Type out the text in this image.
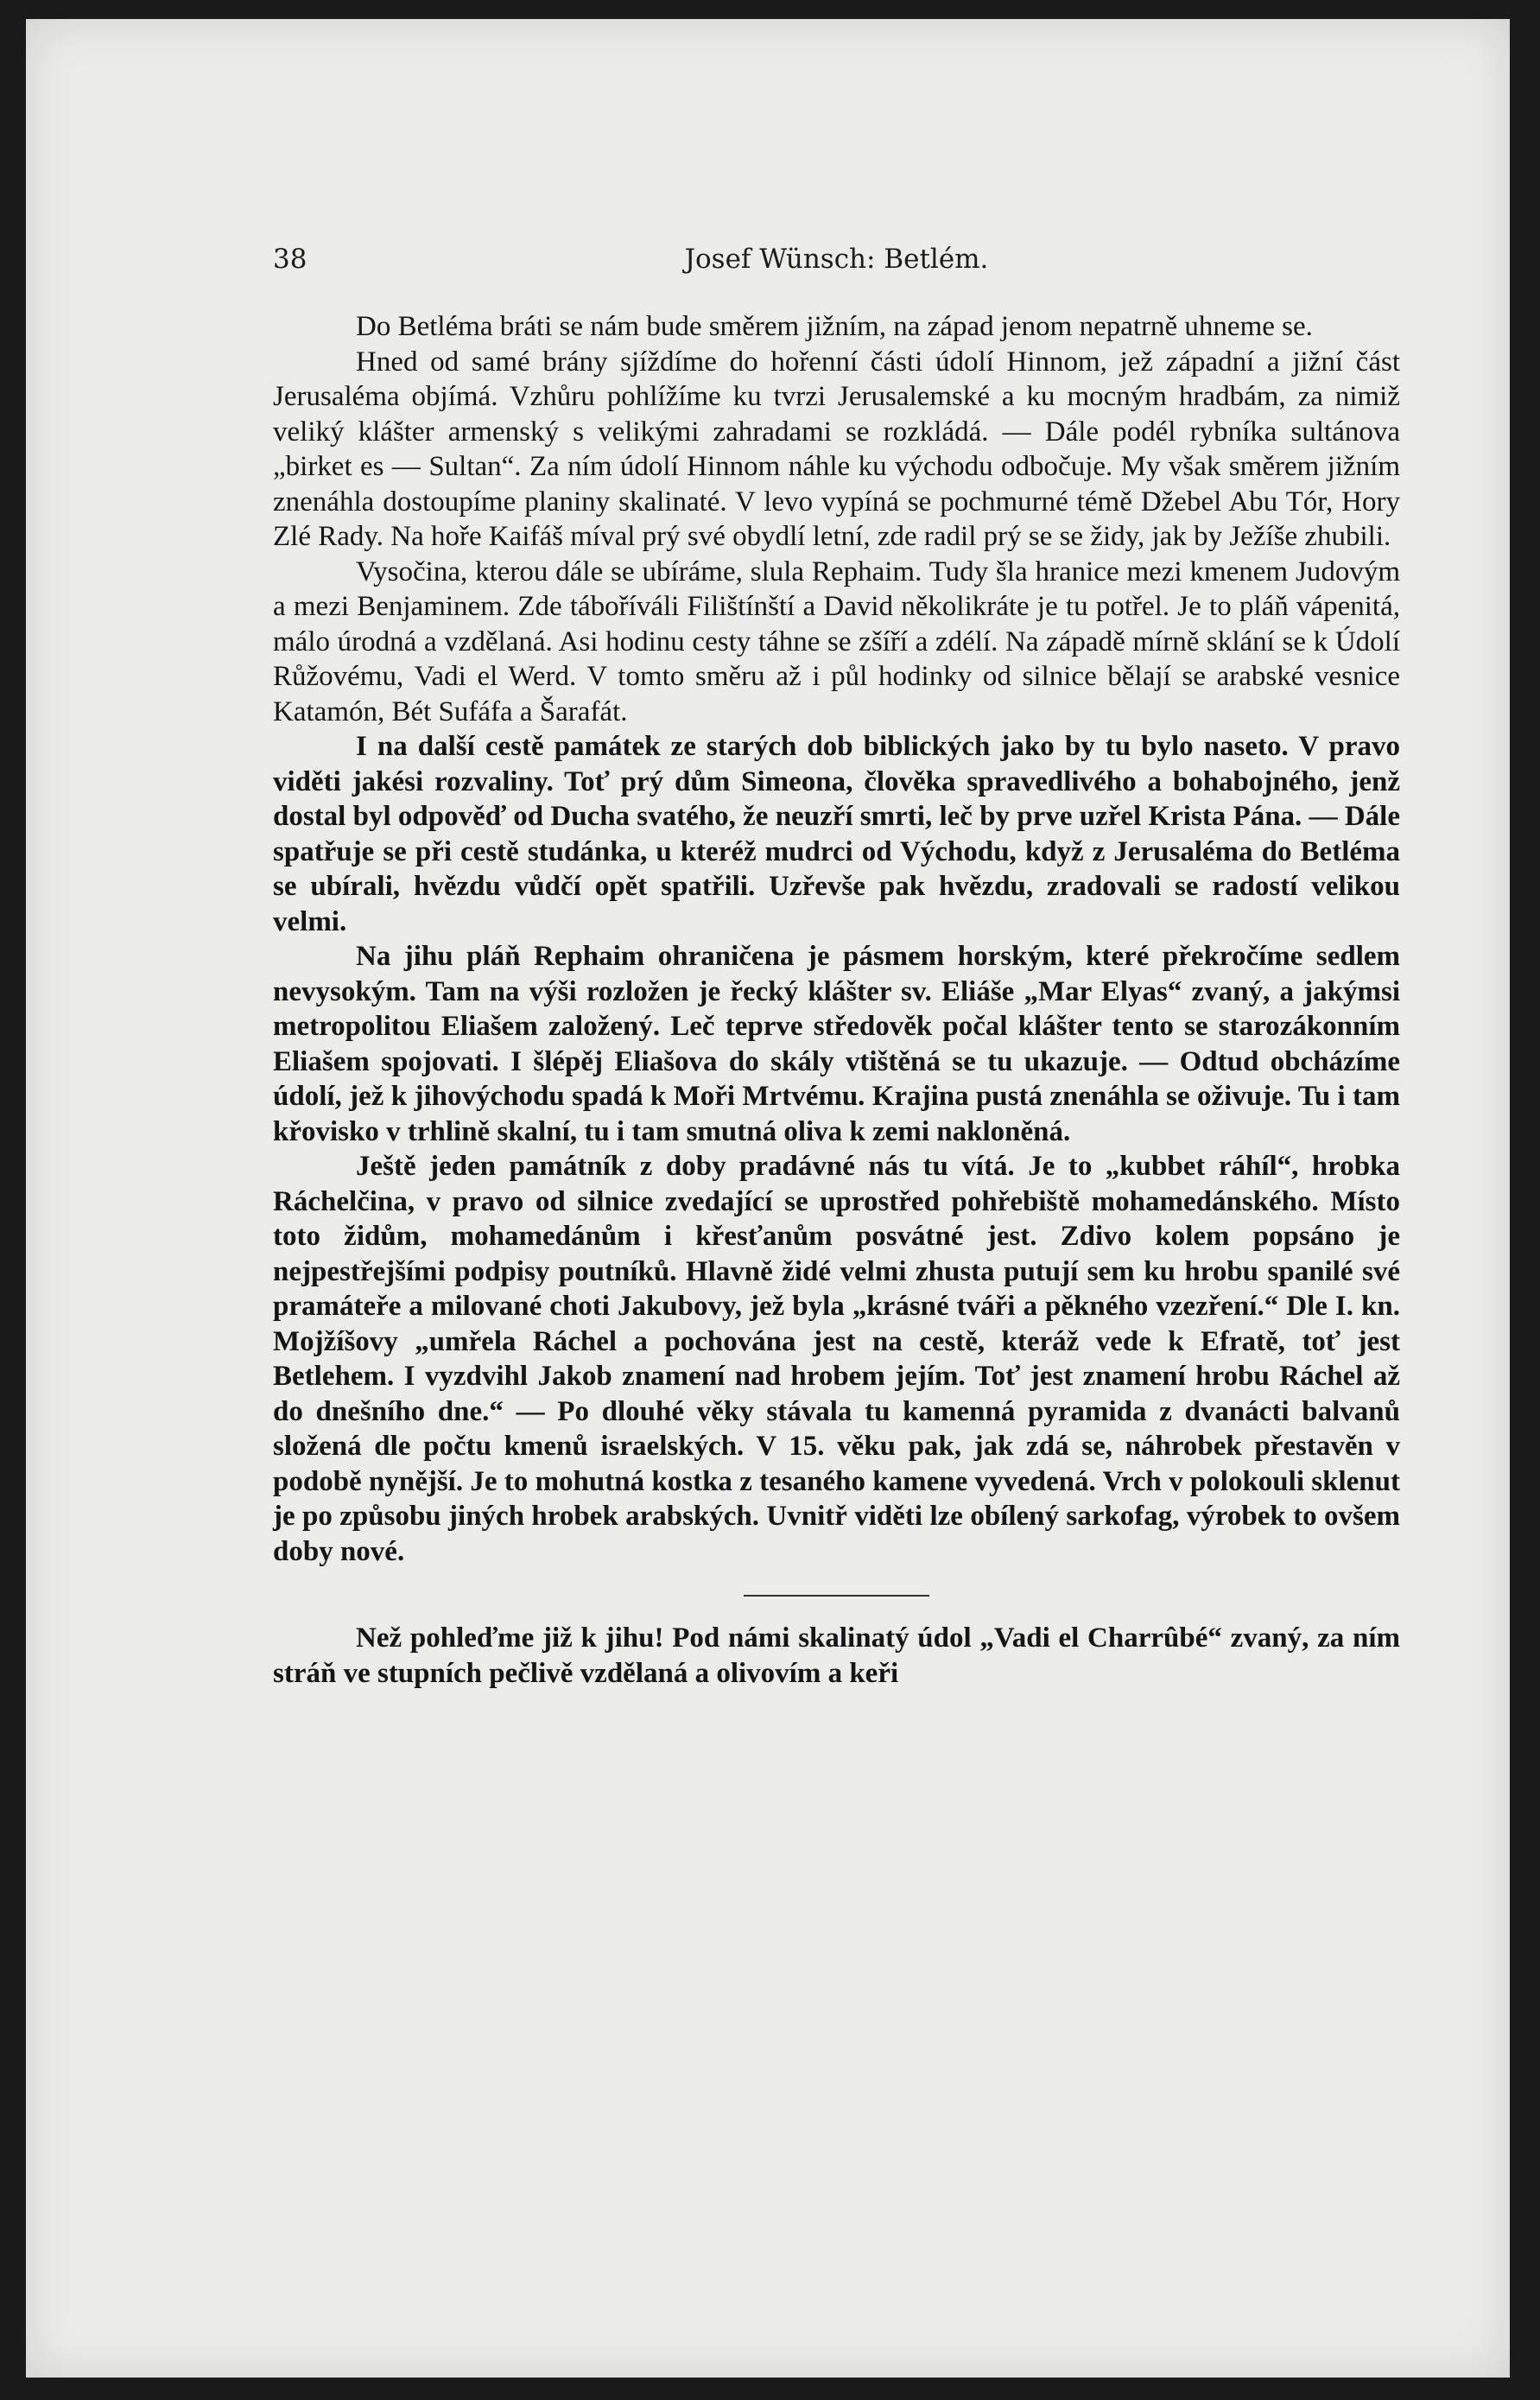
38	Josef Wünsch: Betlém.

Do Betléma bráti se nám bude směrem jižním, na západ jenom nepatrně uhneme se.

Hned od samé brány sjíždíme do hořenní části údolí Hinnom, jež západní a jižní část Jerusaléma objímá. Vzhůru pohlížíme ku tvrzi Jerusalemské a ku mocným hradbám, za nimiž veliký klášter armenský s velikými zahradami se rozkládá. — Dále podél rybníka sultánova „birket es — Sultan“. Za ním údolí Hinnom náhle ku východu odbočuje. My však směrem jižním znenáhla dostoupíme planiny skalinaté. V levo vypíná se pochmurné témě Džebel Abu Tór, Hory Zlé Rady. Na hoře Kaifáš míval prý své obydlí letní, zde radil prý se se židy, jak by Ježíše zhubili.

Vysočina, kterou dále se ubíráme, slula Rephaim. Tudy šla hranice mezi kmenem Judovým a mezi Benjaminem. Zde táboříváli Filištínští a David několikráte je tu potřel. Je to pláň vápenitá, málo úrodná a vzdělaná. Asi hodinu cesty táhne se zšíří a zdélí. Na západě mírně sklání se k Údolí Růžovému, Vadi el Werd. V tomto směru až i půl hodinky od silnice bělají se arabské vesnice Katamón, Bét Sufáfa a Šarafát.

I na další cestě památek ze starých dob biblických jako by tu bylo naseto. V pravo viděti jakési rozvaliny. Toť prý dům Simeona, člověka spravedlivého a bohabojného, jenž dostal byl odpověď od Ducha svatého, že neuzří smrti, leč by prve uzřel Krista Pána. — Dále spatřuje se při cestě studánka, u kteréž mudrci od Východu, když z Jerusaléma do Betléma se ubírali, hvězdu vůdčí opět spatřili. Uzřevše pak hvězdu, zradovali se radostí velikou velmi.

Na jihu pláň Rephaim ohraničena je pásmem horským, které překročíme sedlem nevysokým. Tam na výši rozložen je řecký klášter sv. Eliáše „Mar Elyas“ zvaný, a jakýmsi metropolitou Eliašem založený. Leč teprve středověk počal klášter tento se starozákonním Eliašem spojovati. I šlépěj Eliašova do skály vtištěná se tu ukazuje. — Odtud obcházíme údolí, jež k jihovýchodu spadá k Moři Mrtvému. Krajina pustá znenáhla se oživuje. Tu i tam křovisko v trhlině skalní, tu i tam smutná oliva k zemi nakloněná.

Ještě jeden památník z doby pradávné nás tu vítá. Je to „kubbet ráhíl“, hrobka Ráchelčina, v pravo od silnice zvedající se uprostřed pohřebiště mohamedánského. Místo toto židům, mohamedánům i křesťanům posvátné jest. Zdivo kolem popsáno je nejpestřejšími podpisy poutníků. Hlavně židé velmi zhusta putují sem ku hrobu spanilé své pramáteře a milované choti Jakubovy, jež byla „krásné tváři a pěkného vzezření.“ Dle I. kn. Mojžíšovy „umřela Ráchel a pochována jest na cestě, kteráž vede k Efratě, toť jest Betlehem. I vyzdvihl Jakob znamení nad hrobem jejím. Toť jest znamení hrobu Ráchel až do dnešního dne.“ — Po dlouhé věky stávala tu kamenná pyramida z dvanácti balvanů složená dle počtu kmenů israelských. V 15. věku pak, jak zdá se, náhrobek přestavěn v podobě nynější. Je to mohutná kostka z tesaného kamene vyvedená. Vrch v polokouli sklenut je po způsobu jiných hrobek arabských. Uvnitř viděti lze obílený sarkofag, výrobek to ovšem doby nové.

Než pohleďme již k jihu! Pod námi skalinatý údol „Vadi el Charrûbé“ zvaný, za ním stráň ve stupních pečlivě vzdělaná a olivovím a keři
